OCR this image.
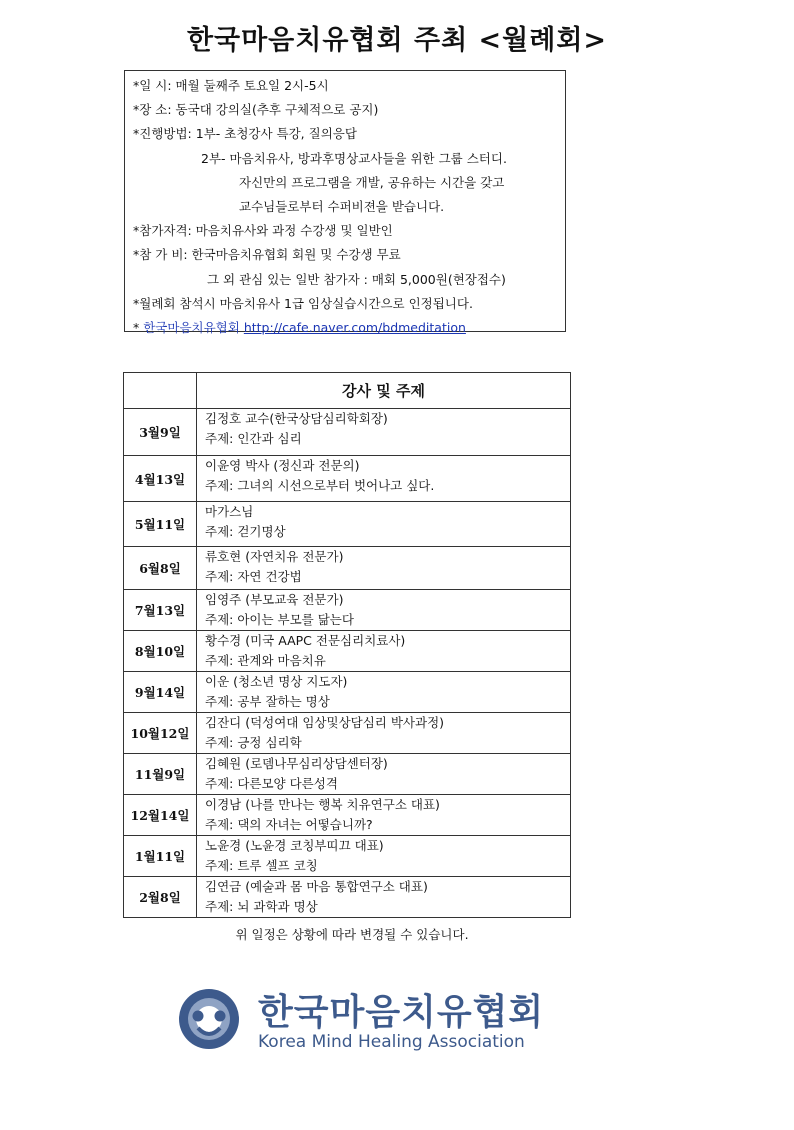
한국마음치유협회 주최 <월례회>
*일 시: 매월 둘째주 토요일 2시-5시
*장 소: 동국대 강의실(추후 구체적으로 공지)
*진행방법: 1부- 초청강사 특강, 질의응답
2부- 마음치유사, 방과후명상교사들을 위한 그룹 스터디.
자신만의 프로그램을 개발, 공유하는 시간을 갖고
교수님들로부터 수퍼비젼을 받습니다.
*참가자격: 마음치유사와 과정 수강생 및 일반인
*참 가 비: 한국마음치유협회 회원 및 수강생 무료
그 외 관심 있는 일반 참가자 : 매회 5,000원(현장접수)
*월례회 참석시 마음치유사 1급 임상실습시간으로 인정됩니다.
* 한국마음치유협회 http://cafe.naver.com/bdmeditation
	강사 및 주제
3월9일	김정호 교수(한국상담심리학회장)
주제: 인간과 심리

4월13일	이윤영 박사 (정신과 전문의)
주제: 그녀의 시선으로부터 벗어나고 싶다.

5월11일	마가스님
주제: 걷기명상

6월8일	류호현 (자연치유 전문가)
주제: 자연 건강법

7월13일	임영주 (부모교육 전문가)
주제: 아이는 부모를 닮는다

8월10일	황수경 (미국 AAPC 전문심리치료사)
주제: 관계와 마음치유

9월14일	이운 (청소년 명상 지도자)
주제: 공부 잘하는 명상

10월12일	김잔디 (덕성여대 임상및상담심리 박사과정)
주제: 긍정 심리학

11월9일	김혜원 (로뎀나무심리상담센터장)
주제: 다른모양 다른성격

12월14일	이경남 (나를 만나는 행복 치유연구소 대표)
주제: 댁의 자녀는 어떻습니까?

1월11일	노윤경 (노윤경 코칭부띠끄 대표)
주제: 트루 셀프 코칭

2월8일	김연금 (예술과 몸 마음 통합연구소 대표)
주제: 뇌 과학과 명상
위 일정은 상황에 따라 변경될 수 있습니다.
한국마음치유협회
Korea Mind Healing Association
